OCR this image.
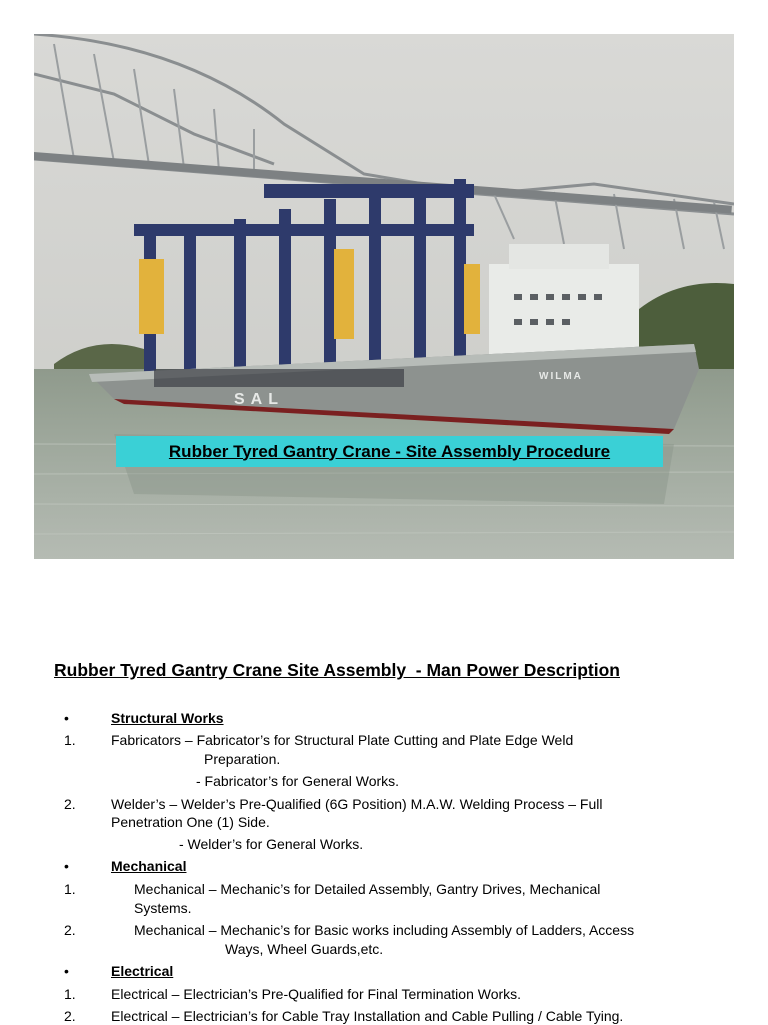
SAL
WILMA
Rubber Tyred Gantry Crane - Site Assembly Procedure
Rubber Tyred Gantry Crane Site Assembly  - Man Power Description
•	Structural Works
1.	Fabricators – Fabricator’s for Structural Plate Cutting and Plate Edge Weld
Preparation.
- Fabricator’s for General Works.
2.	Welder’s – Welder’s Pre-Qualified (6G Position) M.A.W. Welding Process – Full
Penetration One (1) Side.
- Welder’s for General Works.
•	Mechanical
1.	Mechanical – Mechanic’s for Detailed Assembly, Gantry Drives, Mechanical
Systems.
2.	Mechanical – Mechanic’s for Basic works including Assembly of Ladders, Access
Ways, Wheel Guards,etc.
•	Electrical
1.	Electrical – Electrician’s Pre-Qualified for Final Termination Works.
2.	Electrical – Electrician’s for Cable Tray Installation and Cable Pulling / Cable Tying.
